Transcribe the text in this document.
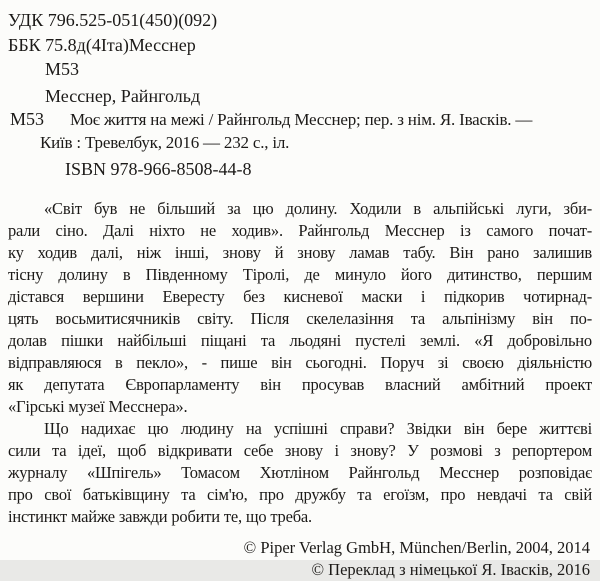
УДК 796.525-051(450)(092)
ББК 75.8д(4Іта)Месснер
М53
Месснер, Райнгольд
М53 Моє життя на межі / Райнгольд Месснер; пер. з нім. Я. Івасків. —
Київ : Тревелбук, 2016 — 232 с., іл.
ISBN 978-966-8508-44-8
«Світ був не більший за цю долину. Ходили в альпійські луги, зби-
рали сіно. Далі ніхто не ходив». Райнгольд Месснер із самого почат-
ку ходив далі, ніж інші, знову й знову ламав табу. Він рано залишив
тісну долину в Південному Тіролі, де минуло його дитинство, першим
дістався вершини Евересту без кисневої маски і підкорив чотирнад-
цять восьмитисячників світу. Після скелелазіння та альпінізму він по-
долав пішки найбільші піщані та льодяні пустелі землі. «Я добровільно
відправляюся в пекло», - пише він сьогодні. Поруч зі своєю діяльністю
як депутата Європарламенту він просував власний амбітний проект
«Гірські музеї Месснера».
Що надихає цю людину на успішні справи? Звідки він бере життєві
сили та ідеї, щоб відкривати себе знову і знову? У розмові з репортером
журналу «Шпігель» Томасом Хютліном Райнгольд Месснер розповідає
про свої батьківщину та сім'ю, про дружбу та егоїзм, про невдачі та свій
інстинкт майже завжди робити те, що треба.
© Piper Verlag GmbH, München/Berlin, 2004, 2014
© Переклад з німецької Я. Івасків, 2016
